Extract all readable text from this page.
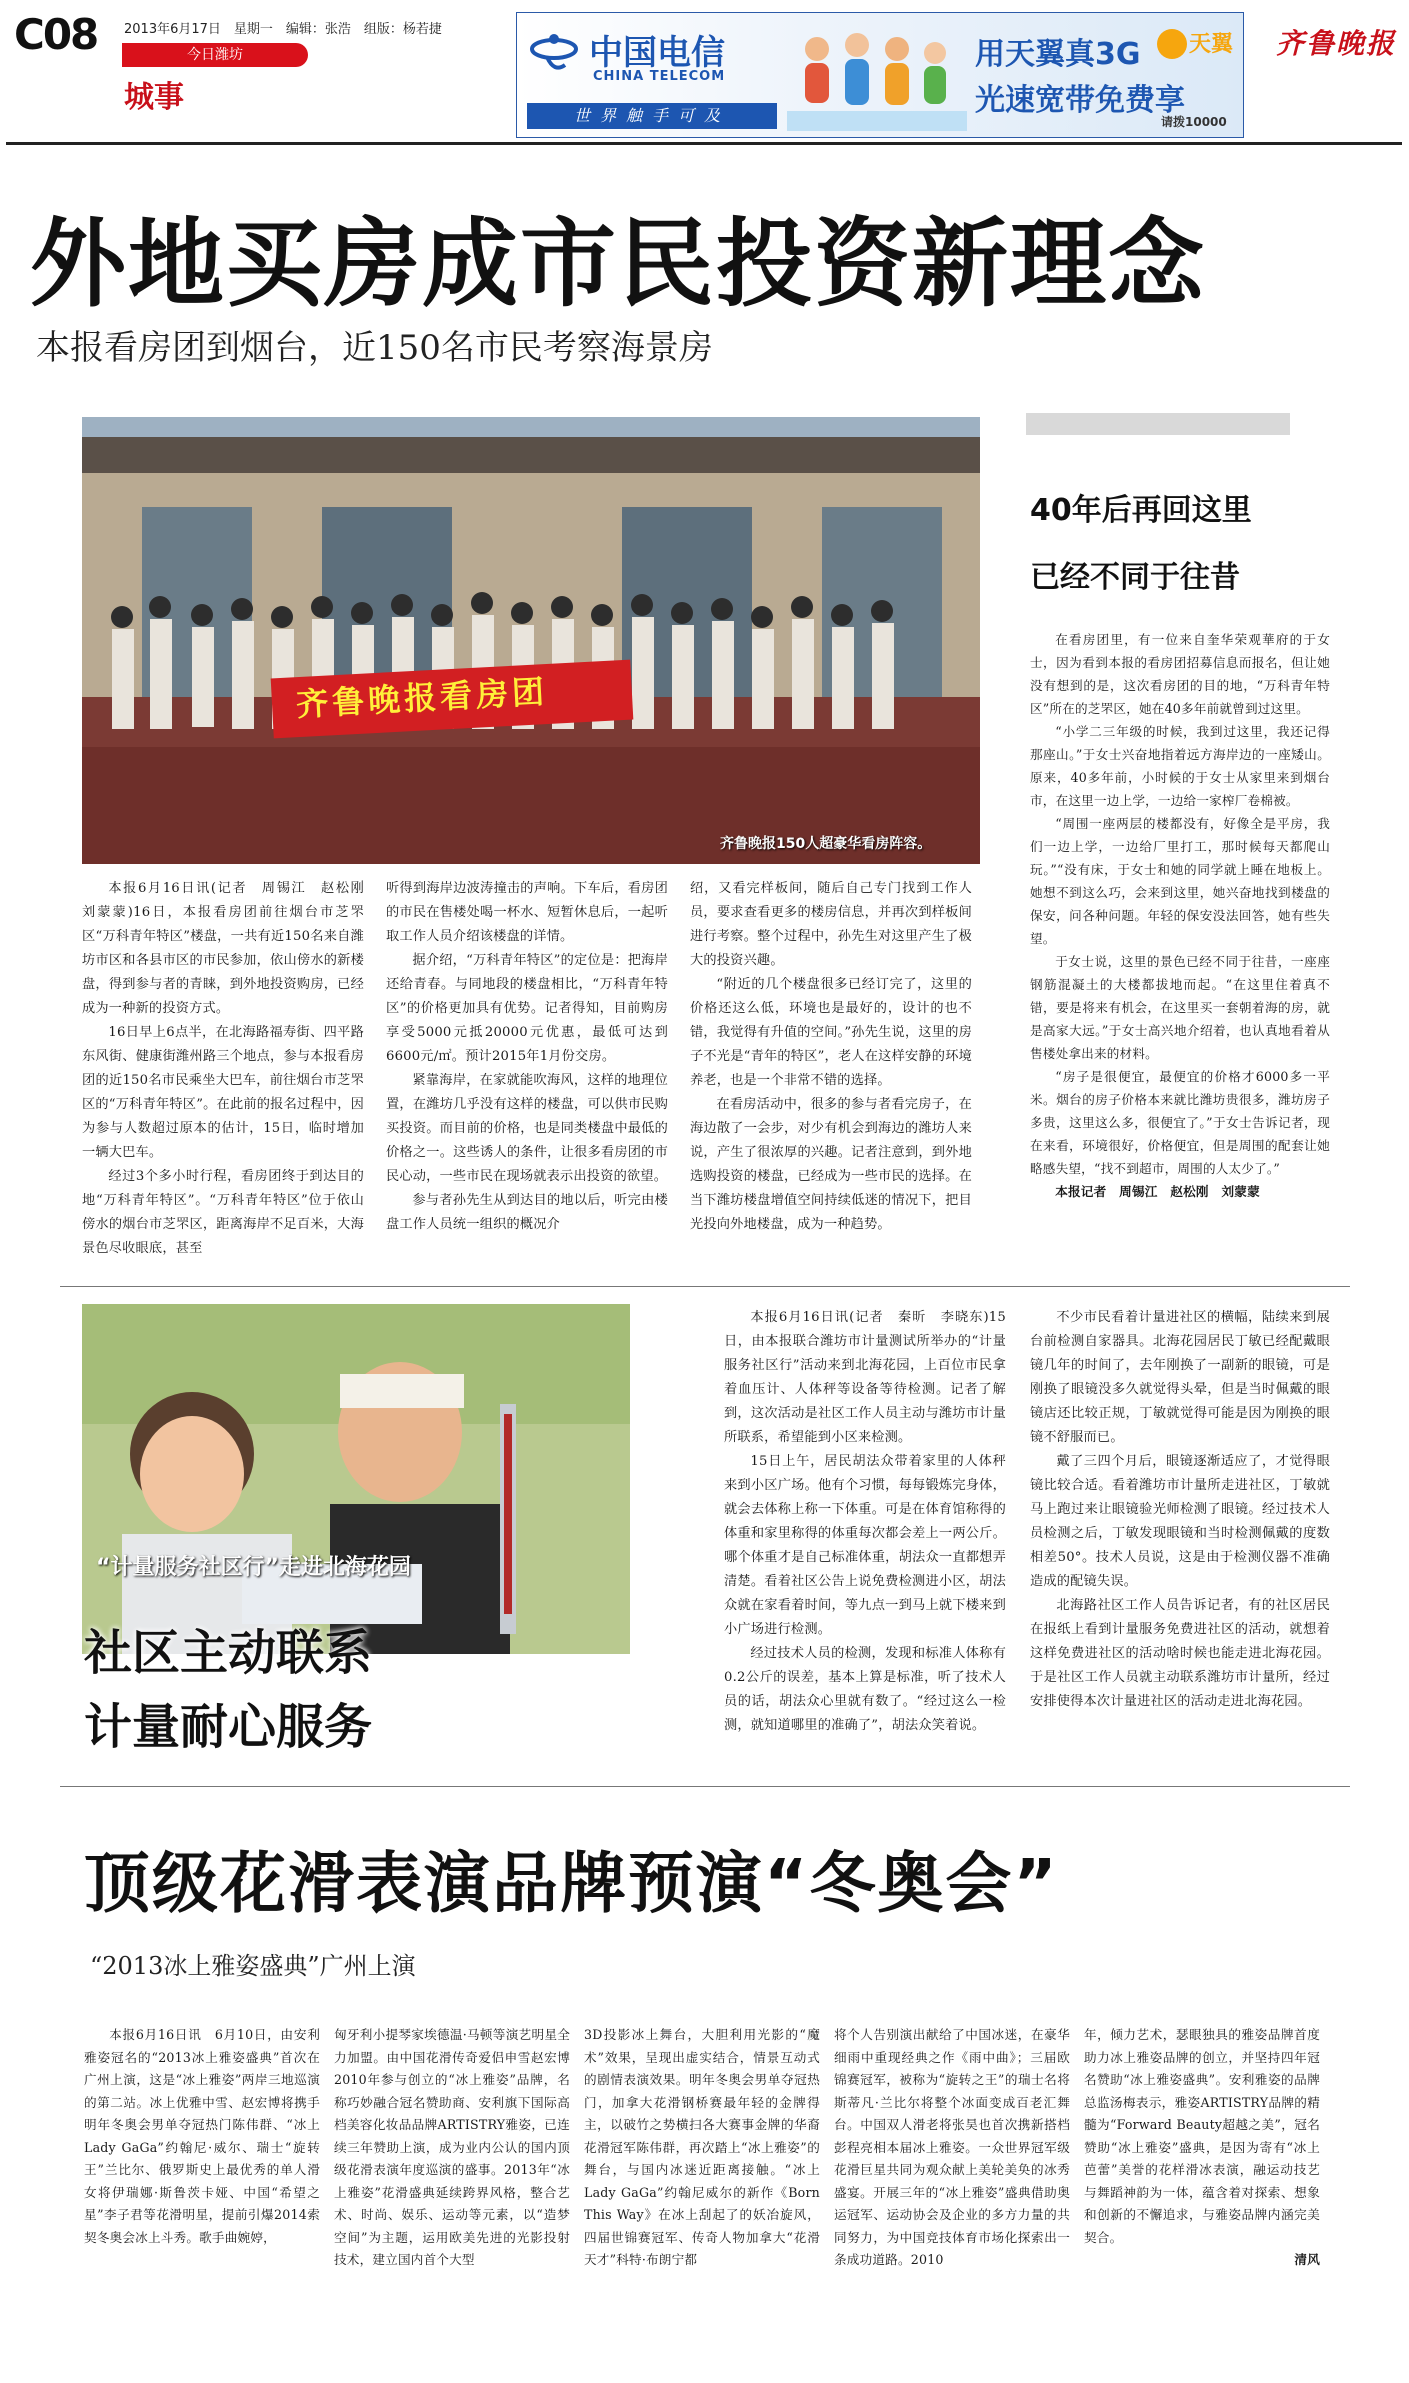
C08 2013年6月17日　星期一　编辑：张浩　组版：杨若捷
今日潍坊
城事
中国电信
CHINA TELECOM
世界触手可及
用天翼真3G 天翼
光速宽带免费享
请拨10000
齐鲁晚报
外地买房成市民投资新理念
本报看房团到烟台，近150名市民考察海景房
齐鲁晚报看房团
齐鲁晚报150人超豪华看房阵容。

本报6月16日讯(记者　周锡江　赵松刚　刘蒙蒙)16日，本报看房团前往烟台市芝罘区“万科青年特区”楼盘，一共有近150名来自潍坊市区和各县市区的市民参加，依山傍水的新楼盘，得到参与者的青睐，到外地投资购房，已经成为一种新的投资方式。

16日早上6点半，在北海路福寿街、四平路东风街、健康街潍州路三个地点，参与本报看房团的近150名市民乘坐大巴车，前往烟台市芝罘区的“万科青年特区”。在此前的报名过程中，因为参与人数超过原本的估计，15日，临时增加一辆大巴车。

经过3个多小时行程，看房团终于到达目的地“万科青年特区”。“万科青年特区”位于依山傍水的烟台市芝罘区，距离海岸不足百米，大海景色尽收眼底，甚至

听得到海岸边波涛撞击的声响。下车后，看房团的市民在售楼处喝一杯水、短暂休息后，一起听取工作人员介绍该楼盘的详情。

据介绍，“万科青年特区”的定位是：把海岸还给青春。与同地段的楼盘相比，“万科青年特区”的价格更加具有优势。记者得知，目前购房享受5000元抵20000元优惠，最低可达到6600元/㎡。预计2015年1月份交房。

紧靠海岸，在家就能吹海风，这样的地理位置，在潍坊几乎没有这样的楼盘，可以供市民购买投资。而目前的价格，也是同类楼盘中最低的价格之一。这些诱人的条件，让很多看房团的市民心动，一些市民在现场就表示出投资的欲望。

参与者孙先生从到达目的地以后，听完由楼盘工作人员统一组织的概况介

绍，又看完样板间，随后自己专门找到工作人员，要求查看更多的楼房信息，并再次到样板间进行考察。整个过程中，孙先生对这里产生了极大的投资兴趣。

“附近的几个楼盘很多已经订完了，这里的价格还这么低，环境也是最好的，设计的也不错，我觉得有升值的空间。”孙先生说，这里的房子不光是“青年的特区”，老人在这样安静的环境养老，也是一个非常不错的选择。

在看房活动中，很多的参与者看完房子，在海边散了一会步，对少有机会到海边的潍坊人来说，产生了很浓厚的兴趣。记者注意到，到外地选购投资的楼盘，已经成为一些市民的选择。在当下潍坊楼盘增值空间持续低迷的情况下，把目光投向外地楼盘，成为一种趋势。

40年后再回这里
已经不同于往昔

在看房团里，有一位来自奎华荣观華府的于女士，因为看到本报的看房团招募信息而报名，但让她没有想到的是，这次看房团的目的地，“万科青年特区”所在的芝罘区，她在40多年前就曾到过这里。

“小学二三年级的时候，我到过这里，我还记得那座山。”于女士兴奋地指着远方海岸边的一座矮山。原来，40多年前，小时候的于女士从家里来到烟台市，在这里一边上学，一边给一家榨厂卷棉被。

“周围一座两层的楼都没有，好像全是平房，我们一边上学，一边给厂里打工，那时候每天都爬山玩。”“没有床，于女士和她的同学就上睡在地板上。她想不到这么巧，会来到这里，她兴奋地找到楼盘的保安，问各种问题。年轻的保安没法回答，她有些失望。

于女士说，这里的景色已经不同于往昔，一座座钢筋混凝土的大楼都拔地而起。“在这里住着真不错，要是将来有机会，在这里买一套朝着海的房，就是高家大远。”于女士高兴地介绍着，也认真地看着从售楼处拿出来的材料。

“房子是很便宜，最便宜的价格才6000多一平米。烟台的房子价格本来就比潍坊贵很多，潍坊房子多贵，这里这么多，很便宜了。”于女士告诉记者，现在来看，环境很好，价格便宜，但是周围的配套让她略感失望，“找不到超市，周围的人太少了。”

本报记者　周锡江　赵松刚　刘蒙蒙

“计量服务社区行”走进北海花园
社区主动联系
计量耐心服务

本报6月16日讯(记者　秦昕　李晓东)15日，由本报联合潍坊市计量测试所举办的“计量服务社区行”活动来到北海花园，上百位市民拿着血压计、人体秤等设备等待检测。记者了解到，这次活动是社区工作人员主动与潍坊市计量所联系，希望能到小区来检测。

15日上午，居民胡法众带着家里的人体秤来到小区广场。他有个习惯，每每锻炼完身体，就会去体称上称一下体重。可是在体育馆称得的体重和家里称得的体重每次都会差上一两公斤。哪个体重才是自己标准体重，胡法众一直都想弄清楚。看着社区公告上说免费检测进小区，胡法众就在家看着时间，等九点一到马上就下楼来到小广场进行检测。

经过技术人员的检测，发现和标准人体称有0.2公斤的误差，基本上算是标准，听了技术人员的话，胡法众心里就有数了。“经过这么一检测，就知道哪里的准确了”，胡法众笑着说。

不少市民看着计量进社区的横幅，陆续来到展台前检测自家器具。北海花园居民丁敏已经配戴眼镜几年的时间了，去年刚换了一副新的眼镜，可是刚换了眼镜没多久就觉得头晕，但是当时佩戴的眼镜店还比较正规，丁敏就觉得可能是因为刚换的眼镜不舒服而已。

戴了三四个月后，眼镜逐渐适应了，才觉得眼镜比较合适。看着潍坊市计量所走进社区，丁敏就马上跑过来让眼镜验光师检测了眼镜。经过技术人员检测之后，丁敏发现眼镜和当时检测佩戴的度数相差50°。技术人员说，这是由于检测仪器不准确造成的配镜失误。

北海路社区工作人员告诉记者，有的社区居民在报纸上看到计量服务免费进社区的活动，就想着这样免费进社区的活动啥时候也能走进北海花园。于是社区工作人员就主动联系潍坊市计量所，经过安排使得本次计量进社区的活动走进北海花园。

顶级花滑表演品牌预演“冬奥会”
“2013冰上雅姿盛典”广州上演

本报6月16日讯　6月10日，由安利雅姿冠名的“2013冰上雅姿盛典”首次在广州上演，这是“冰上雅姿”两岸三地巡演的第二站。冰上优雅中雪、赵宏博将携手明年冬奥会男单夺冠热门陈伟群、“冰上Lady GaGa”约翰尼·威尔、瑞士“旋转王”兰比尔、俄罗斯史上最优秀的单人滑女将伊瑞娜·斯鲁茨卡娅、中国“希望之星”李子君等花滑明星，提前引爆2014索契冬奥会冰上斗秀。歌手曲婉婷，

匈牙利小提琴家埃德温·马顿等演艺明星全力加盟。由中国花滑传奇爱侣申雪赵宏博2010年参与创立的“冰上雅姿”品牌，名称巧妙融合冠名赞助商、安利旗下国际高档美容化妆品品牌ARTISTRY雅姿，已连续三年赞助上演，成为业内公认的国内顶级花滑表演年度巡演的盛事。2013年“冰上雅姿”花滑盛典延续跨界风格，整合艺术、时尚、娱乐、运动等元素，以“造梦空间”为主题，运用欧美先进的光影投射技术，建立国内首个大型

3D投影冰上舞台，大胆利用光影的“魔术”效果，呈现出虚实结合，情景互动式的剧情表演效果。明年冬奥会男单夺冠热门，加拿大花滑钢桥赛最年轻的金牌得主，以破竹之势横扫各大赛事金牌的华裔花滑冠军陈伟群，再次踏上“冰上雅姿”的舞台，与国内冰迷近距离接触。“冰上Lady GaGa”约翰尼威尔的新作《Born This Way》在冰上刮起了的妖冶旋风，四届世锦赛冠军、传奇人物加拿大“花滑天才”科特·布朗宁都

将个人告别演出献给了中国冰迷，在豪华细雨中重现经典之作《雨中曲》；三届欧锦赛冠军，被称为“旋转之王”的瑞士名将斯蒂凡·兰比尔将整个冰面变成百老汇舞台。中国双人滑老将张昊也首次携新搭档彭程亮相本届冰上雅姿。一众世界冠军级花滑巨星共同为观众献上美轮美奂的冰秀盛宴。开展三年的“冰上雅姿”盛典借助奥运冠军、运动协会及企业的多方力量的共同努力，为中国竞技体育市场化探索出一条成功道路。2010

年，倾力艺术，瑟眼独具的雅姿品牌首度助力冰上雅姿品牌的创立，并坚持四年冠名赞助“冰上雅姿盛典”。安利雅姿的品牌总监汤梅表示，雅姿ARTISTRY品牌的精髓为“Forward Beauty超越之美”，冠名赞助“冰上雅姿”盛典，是因为寄有“冰上芭蕾”美誉的花样滑冰表演，融运动技艺与舞蹈神韵为一体，蕴含着对探索、想象和创新的不懈追求，与雅姿品牌内涵完美契合。

清风
